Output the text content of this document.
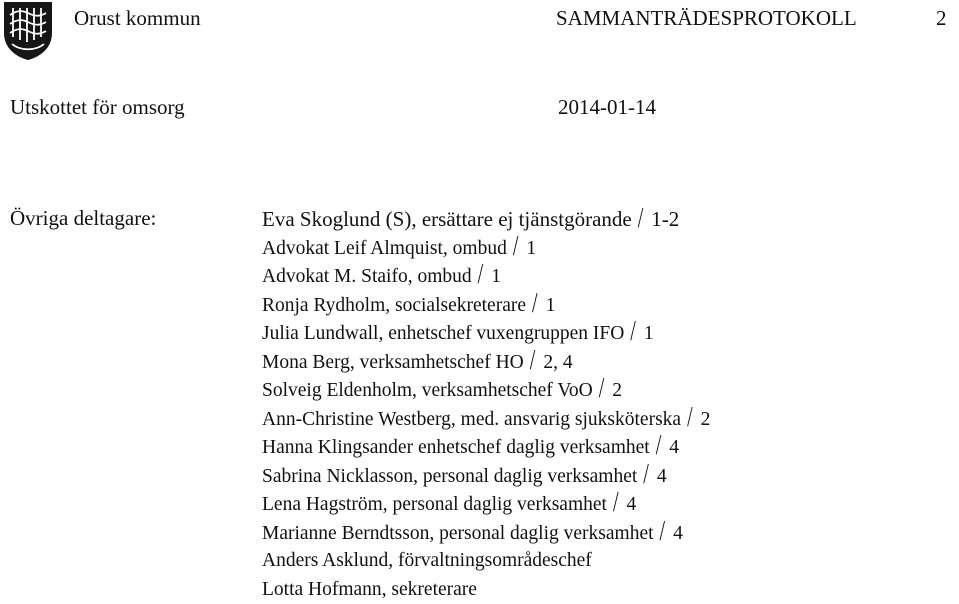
Orust kommun	SAMMANTRÄDESPROTOKOLL	2
Utskottet för omsorg	2014-01-14
Övriga deltagare:	Eva Skoglund (S), ersättare ej tjänstgörande / 1-2
Advokat Leif Almquist, ombud / 1
Advokat M. Staifo, ombud / 1
Ronja Rydholm, socialsekreterare / 1
Julia Lundwall, enhetschef vuxengruppen IFO / 1
Mona Berg, verksamhetschef HO / 2, 4
Solveig Eldenholm, verksamhetschef VoO / 2
Ann-Christine Westberg, med. ansvarig sjuksköterska / 2
Hanna Klingsander enhetschef daglig verksamhet / 4
Sabrina Nicklasson, personal daglig verksamhet / 4
Lena Hagström, personal daglig verksamhet / 4
Marianne Berndtsson, personal daglig verksamhet / 4
Anders Asklund, förvaltningsområdeschef
Lotta Hofmann, sekreterare
